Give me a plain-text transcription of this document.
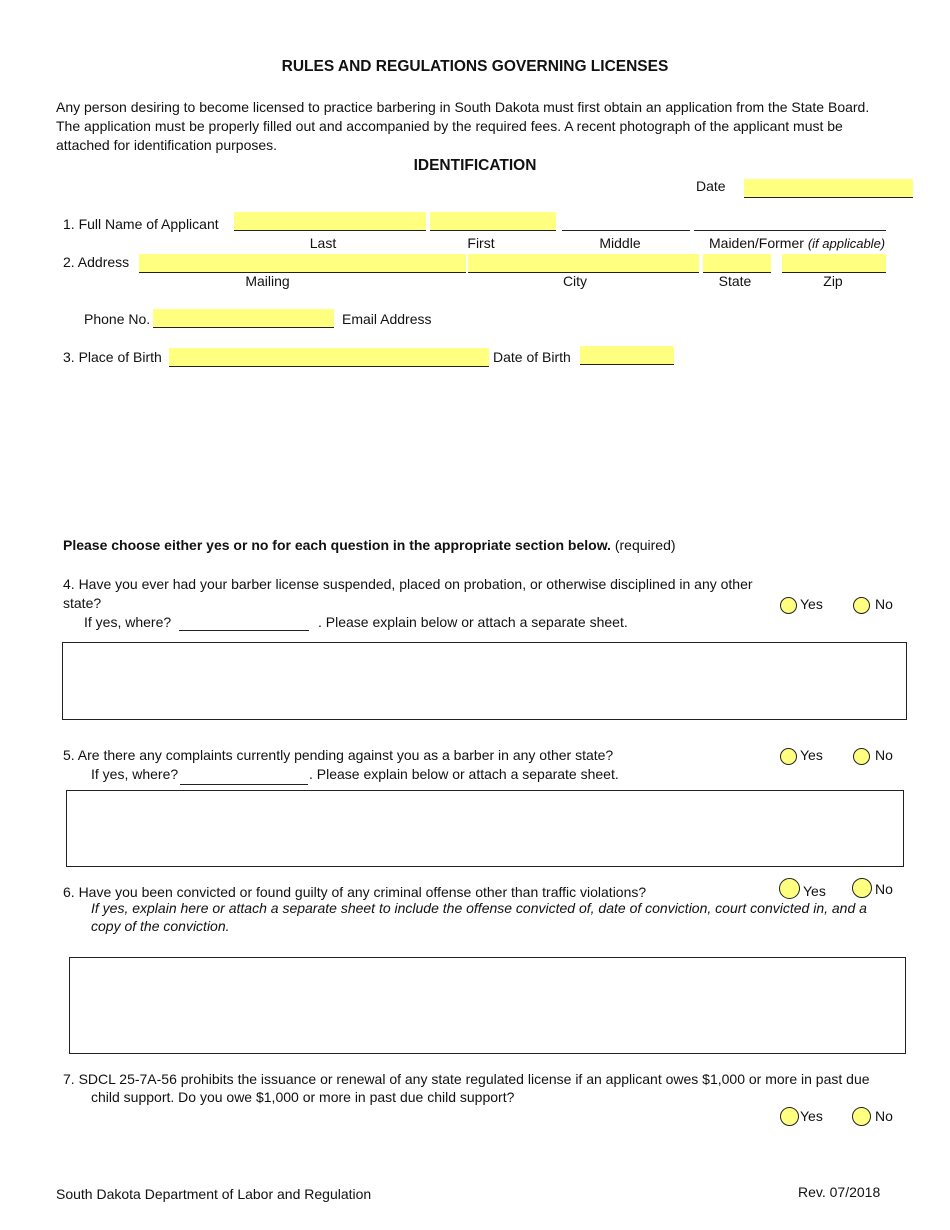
RULES AND REGULATIONS GOVERNING LICENSES
Any person desiring to become licensed to practice barbering in South Dakota must first obtain an application from the State Board. The application must be properly filled out and accompanied by the required fees. A recent photograph of the applicant must be attached for identification purposes.
IDENTIFICATION
Date
1. Full Name of Applicant
Last	First	Middle	Maiden/Former (if applicable)
2. Address
Mailing	City	State	Zip
Phone No.	Email Address
3. Place of Birth	Date of Birth
Please choose either yes or no for each question in the appropriate section below. (required)
4. Have you ever had your barber license suspended, placed on probation, or otherwise disciplined in any other
state?	Yes	No
If yes, where?	. Please explain below or attach a separate sheet.
5. Are there any complaints currently pending against you as a barber in any other state?	Yes	No
If yes, where?	. Please explain below or attach a separate sheet.
6. Have you been convicted or found guilty of any criminal offense other than traffic violations?	Yes	No
If yes, explain here or attach a separate sheet to include the offense convicted of, date of conviction, court convicted in, and a
copy of the conviction.
7. SDCL 25-7A-56 prohibits the issuance or renewal of any state regulated license if an applicant owes $1,000 or more in past due
child support. Do you owe $1,000 or more in past due child support?
Yes	No
South Dakota Department of Labor and Regulation	Rev. 07/2018
